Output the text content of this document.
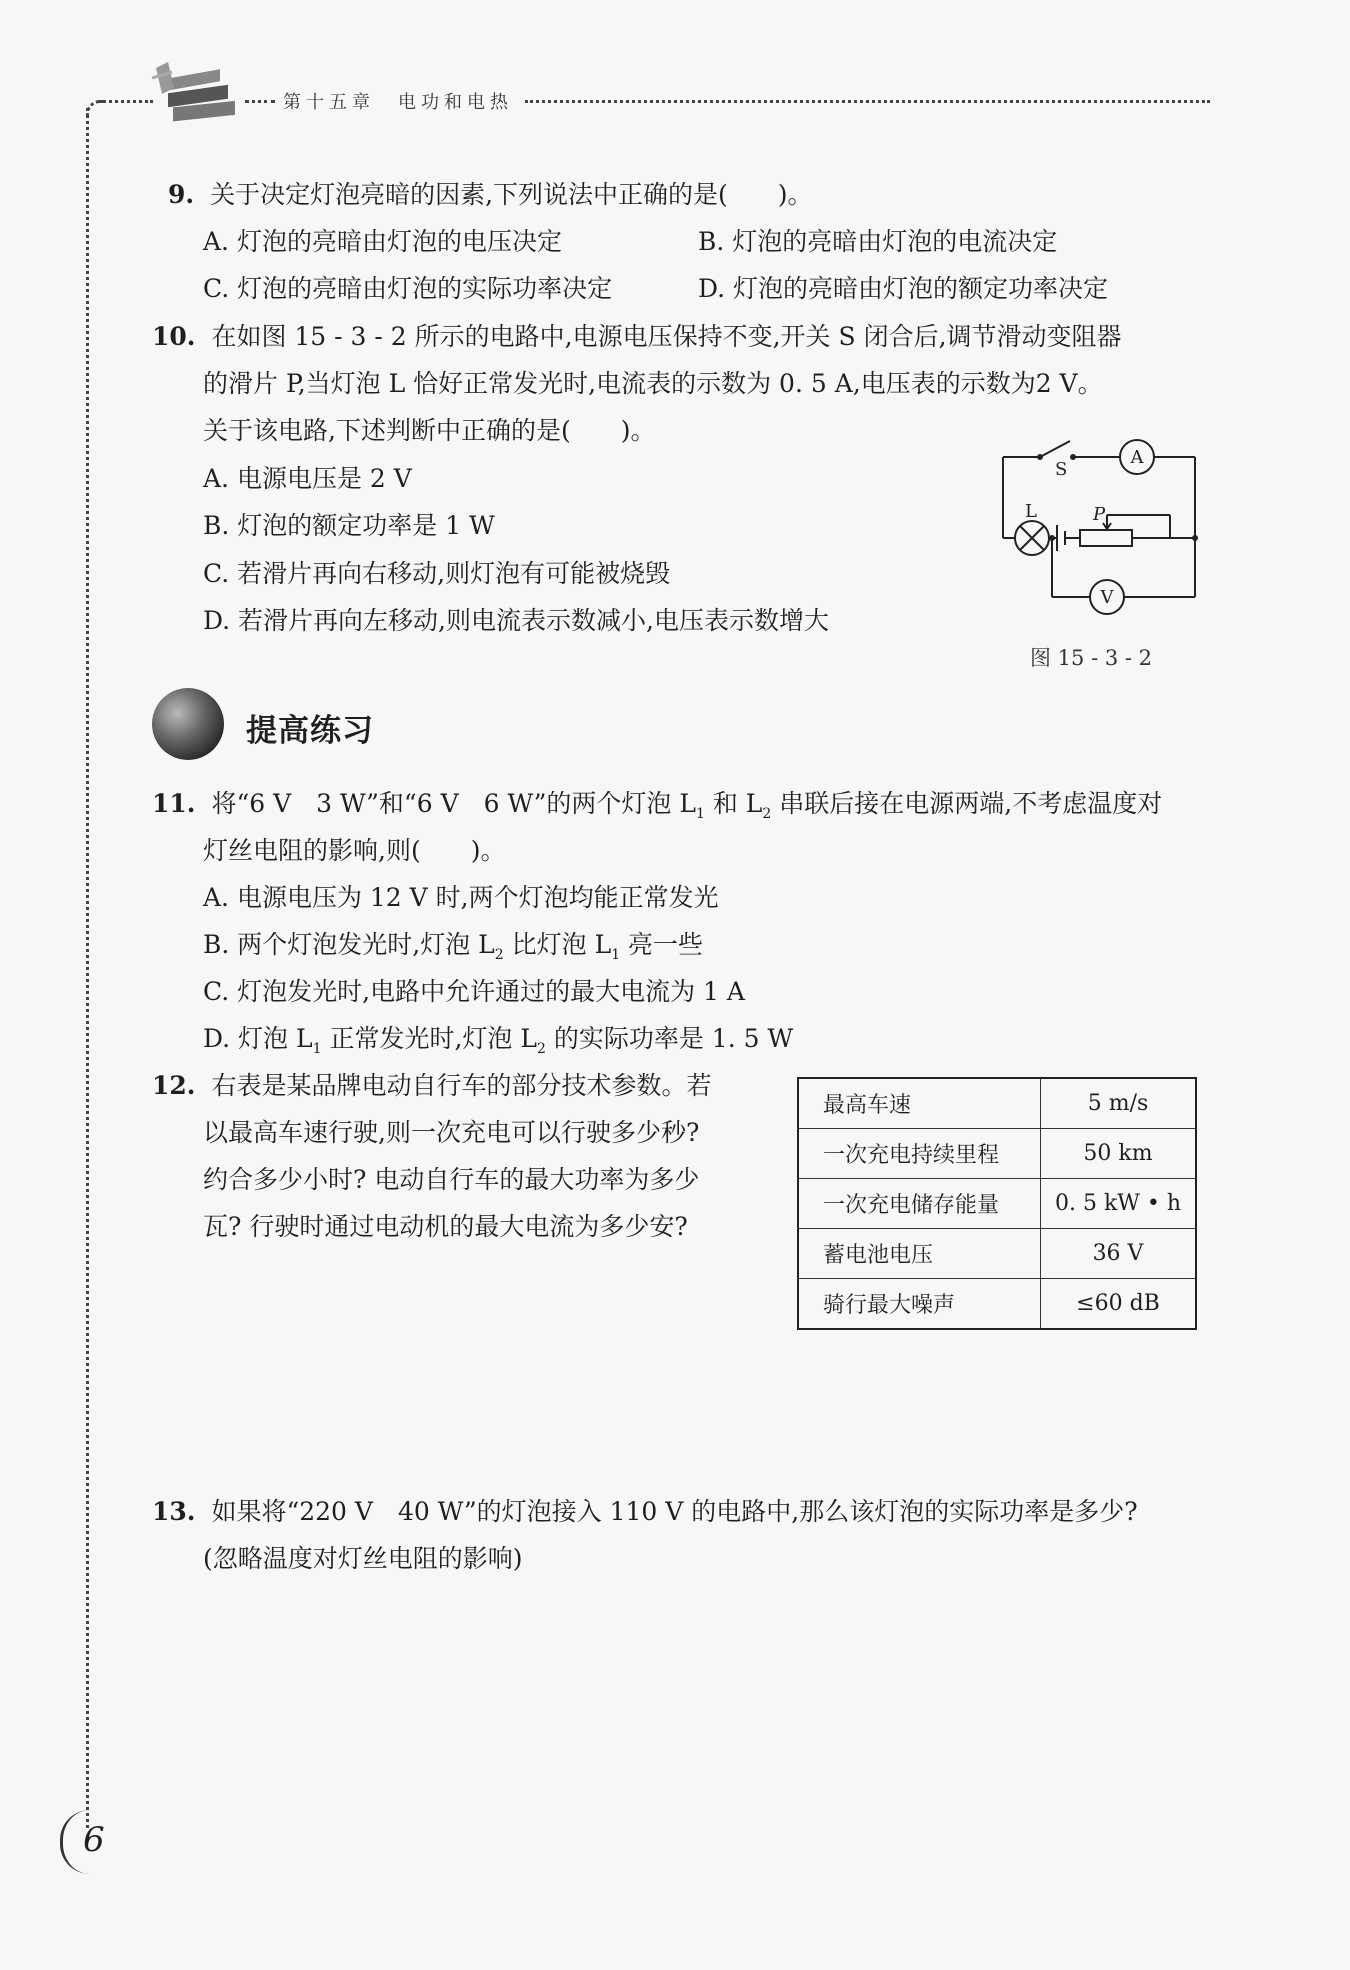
第十五章　电功和电热
9. 关于决定灯泡亮暗的因素,下列说法中正确的是(　　)。
A. 灯泡的亮暗由灯泡的电压决定	B. 灯泡的亮暗由灯泡的电流决定
C. 灯泡的亮暗由灯泡的实际功率决定	D. 灯泡的亮暗由灯泡的额定功率决定
10. 在如图 15 - 3 - 2 所示的电路中,电源电压保持不变,开关 S 闭合后,调节滑动变阻器
的滑片 P,当灯泡 L 恰好正常发光时,电流表的示数为 0. 5 A,电压表的示数为2 V。
关于该电路,下述判断中正确的是(　　)。
A. 电源电压是 2 V
B. 灯泡的额定功率是 1 W
C. 若滑片再向右移动,则灯泡有可能被烧毁
D. 若滑片再向左移动,则电流表示数减小,电压表示数增大
A
S
L	P
V
图 15 - 3 - 2
提高练习
11. 将“6 V　3 W”和“6 V　6 W”的两个灯泡 $L_1$ 和 $L_2$ 串联后接在电源两端,不考虑温度对
灯丝电阻的影响,则(　　)。
A. 电源电压为 12 V 时,两个灯泡均能正常发光
B. 两个灯泡发光时,灯泡 $L_2$ 比灯泡 $L_1$ 亮一些
C. 灯泡发光时,电路中允许通过的最大电流为 1 A
D. 灯泡 $L_1$ 正常发光时,灯泡 $L_2$ 的实际功率是 1. 5 W
12. 右表是某品牌电动自行车的部分技术参数。若
以最高车速行驶,则一次充电可以行驶多少秒?
约合多少小时? 电动自行车的最大功率为多少
瓦? 行驶时通过电动机的最大电流为多少安?
最高车速	5 m/s
一次充电持续里程	50 km
一次充电储存能量	0. 5 kW • h
蓄电池电压	36 V
骑行最大噪声	≤60 dB
13. 如果将“220 V　40 W”的灯泡接入 110 V 的电路中,那么该灯泡的实际功率是多少?
(忽略温度对灯丝电阻的影响)
6
